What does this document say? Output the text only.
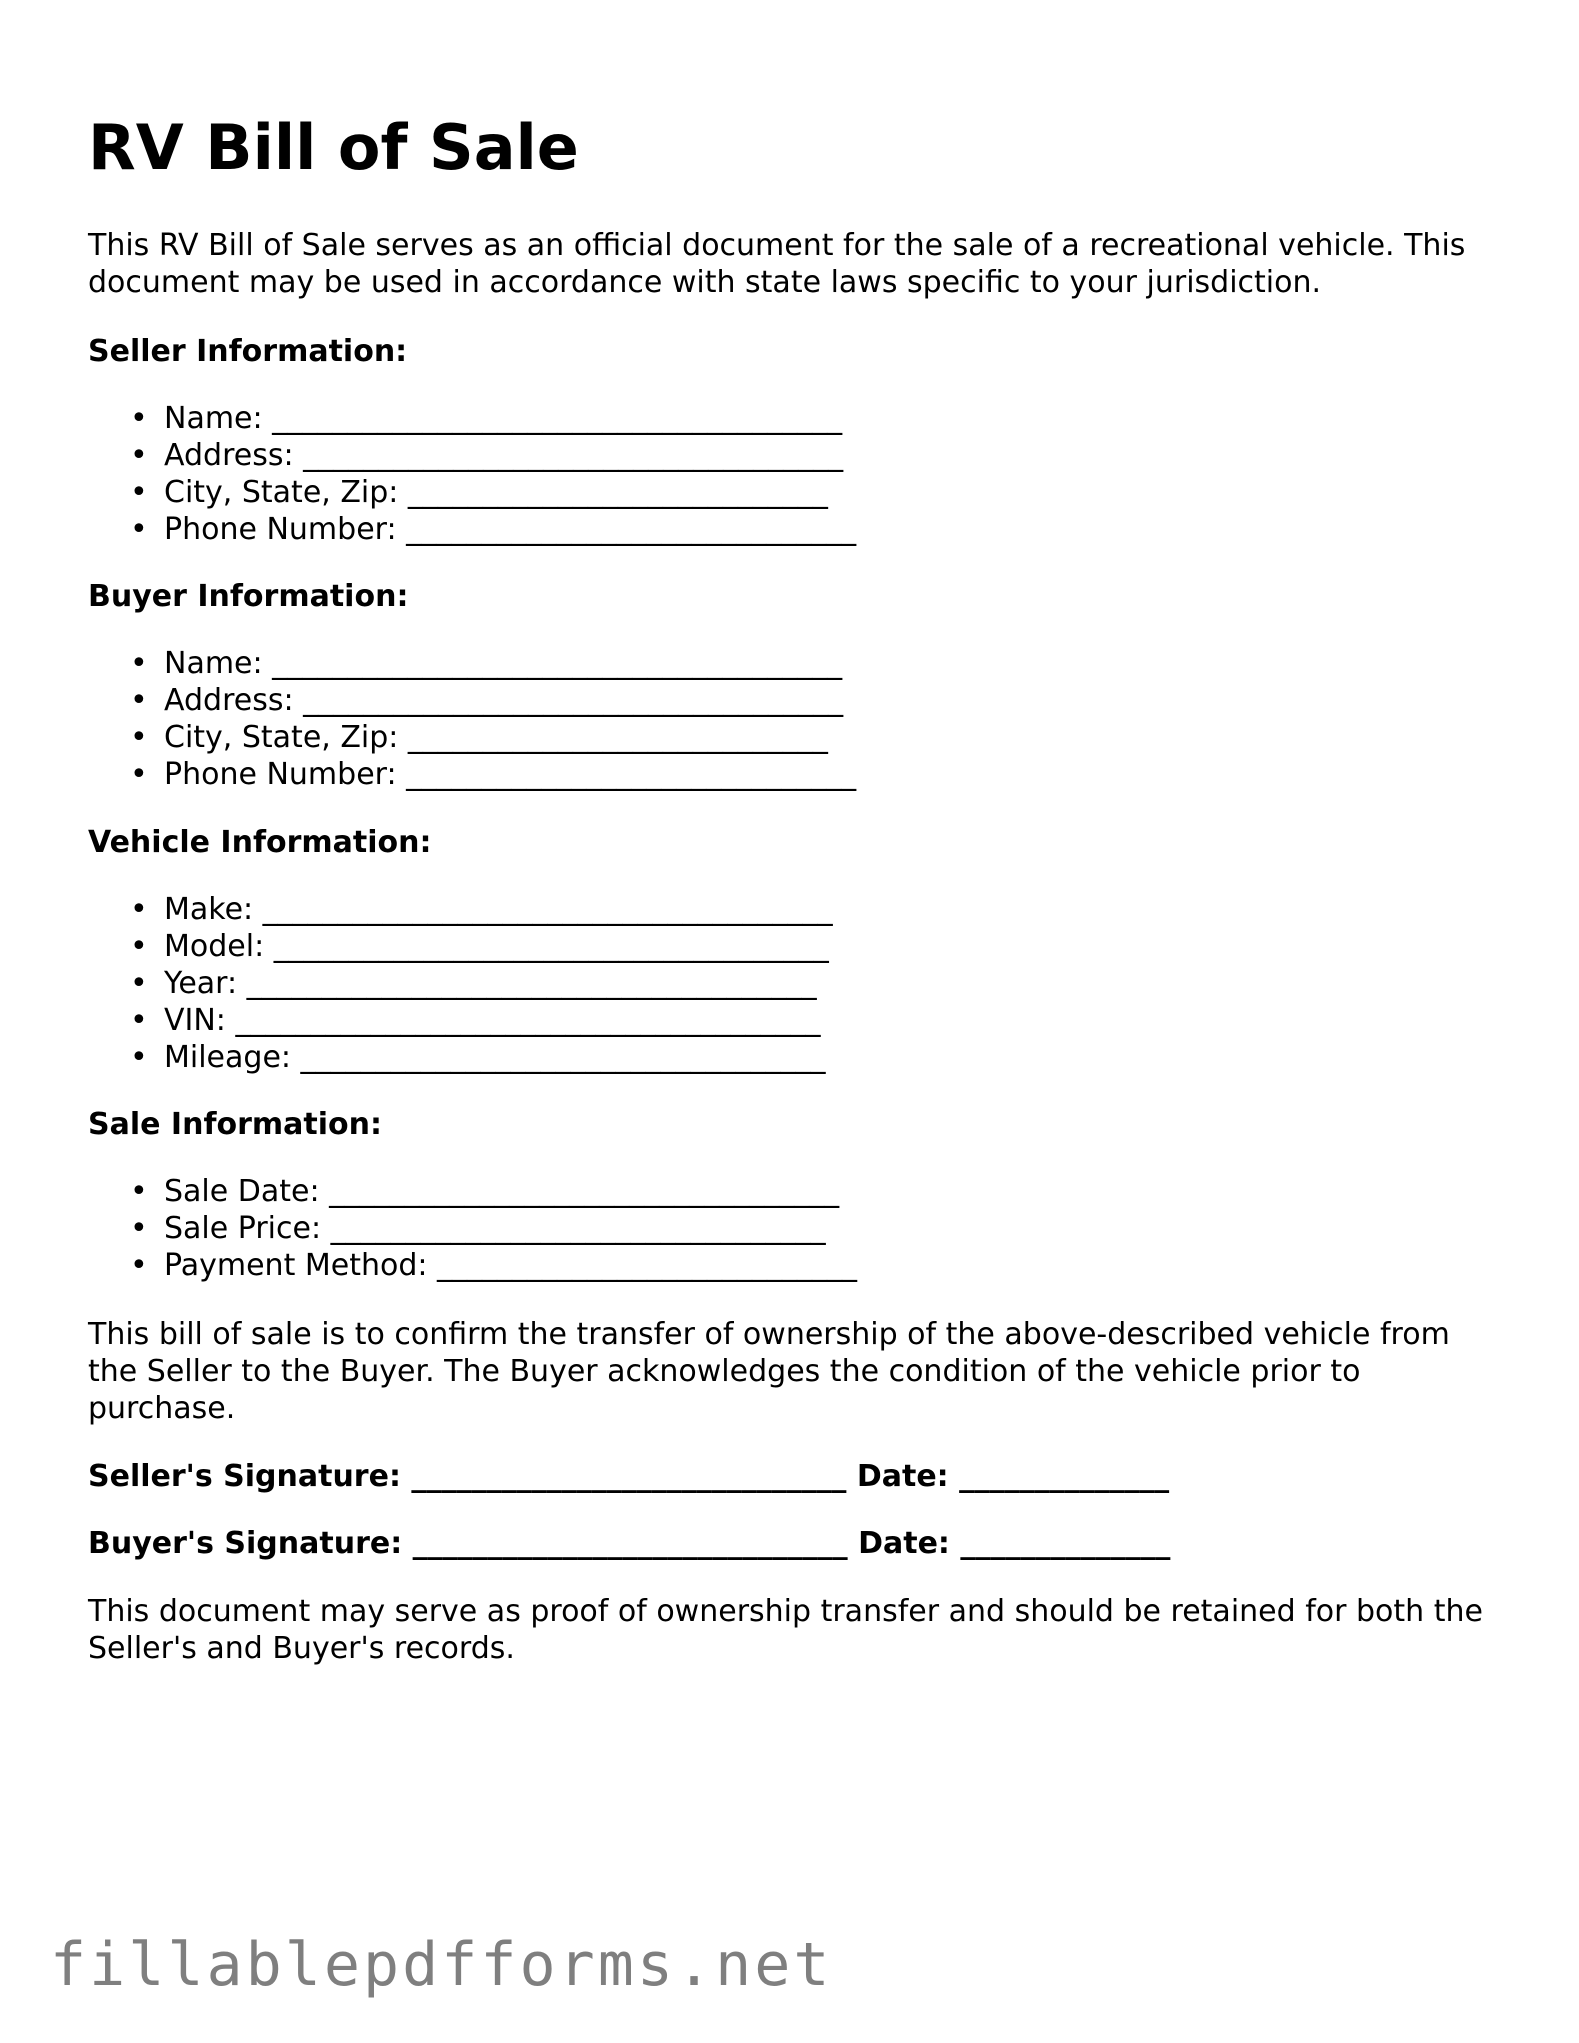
RV Bill of Sale

This RV Bill of Sale serves as an official document for the sale of a recreational vehicle. This document may be used in accordance with state laws specific to your jurisdiction.

Seller Information:
• Name: ______________________________________
• Address: ____________________________________
• City, State, Zip: ____________________________
• Phone Number: ______________________________
Buyer Information:
• Name: ______________________________________
• Address: ____________________________________
• City, State, Zip: ____________________________
• Phone Number: ______________________________
Vehicle Information:
• Make: ______________________________________
• Model: _____________________________________
• Year: ______________________________________
• VIN: _______________________________________
• Mileage: ___________________________________
Sale Information:
• Sale Date: __________________________________
• Sale Price: _________________________________
• Payment Method: ____________________________

This bill of sale is to confirm the transfer of ownership of the above-described vehicle from the Seller to the Buyer. The Buyer acknowledges the condition of the vehicle prior to purchase.

Seller's Signature: _____________________________ Date: ______________
Buyer's Signature: _____________________________ Date: ______________

This document may serve as proof of ownership transfer and should be retained for both the Seller's and Buyer's records.

fillablepdfforms.net
